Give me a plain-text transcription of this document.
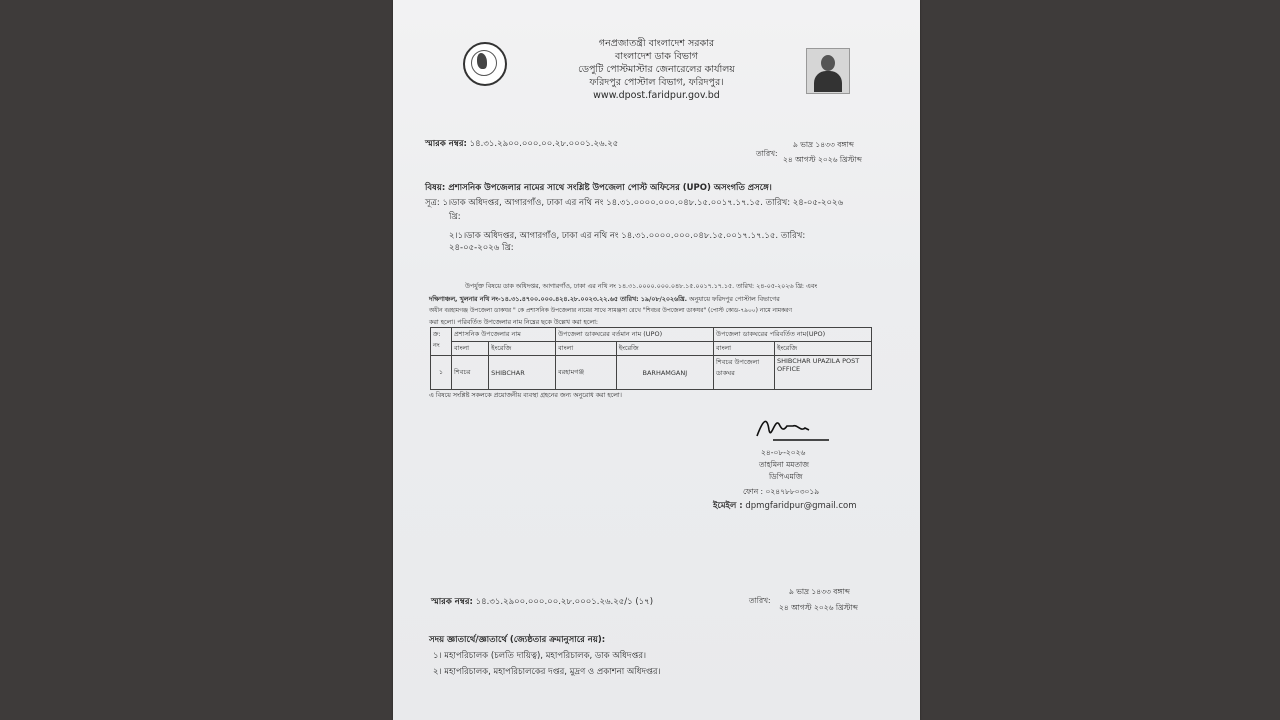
গনপ্রজাতন্ত্রী বাংলাদেশ সরকার
বাংলাদেশ ডাক বিভাগ
ডেপুটি পোস্টমাস্টার জেনারেলের কার্যালয়
ফরিদপুর পোস্টাল বিভাগ, ফরিদপুর।
www.dpost.faridpur.gov.bd
স্মারক নম্বর: ১৪.৩১.২৯০০.০০০.০০.২৮.০০০১.২৬.২৫	৯ ভাদ্র ১৪৩৩ বঙ্গাব্দ
তারিখ:
২৪ আগস্ট ২০২৬ খ্রিস্টাব্দ
বিষয়: প্রশাসনিক উপজেলার নামের সাথে সংশ্লিষ্ট উপজেলা পোস্ট অফিসের (UPO) অসংগতি প্রসঙ্গে।
সূত্র: ১।ডাক অধিদপ্তর, আগারগাঁও, ঢাকা এর নথি নং ১৪.৩১.০০০০.০০০.০৪৮.১৫.০০১৭.১৭.১৫. তারিখ: ২৪-০৫-২০২৬
খ্রি:
২।১।ডাক অধিদপ্তর, আগারগাঁও, ঢাকা এর নথি নং ১৪.৩১.০০০০.০০০.০৪৮.১৫.০০১৭.১৭.১৫. তারিখ:
২৪-০৫-২০২৬ খ্রি:
উপর্যুক্ত বিষয়ে ডাক অধিদপ্তর, আগারগাঁও, ঢাকা এর নথি নং ১৪.৩১.০০০০.০০০.০৪৮.১৫.০০১৭.১৭.১৫. তারিখ: ২৪-০৫-২০২৬ খ্রি: এবং
দক্ষিণাঞ্চল, খুলনার নথি নং-১৪.৩১.৪৭০০.০০০.৪২৪.২৮.০০২৩.২২.৬৫ তারিখ: ১৯/০৮/২০২৬খ্রি. অনুযায়ে ফরিদপুর পোস্টাল বিভাগের
অধীন বরহামগঞ্জ উপজেলা ডাকঘর " কে প্রশাসনিক উপজেলার নামের সাথে সামঞ্জস্য রেখে "শিবচর উপজেলা ডাকঘর" (পোস্ট কোড-৭৯০০) নামে নামকরণ
করা হলো। পরিবর্তিত উপজেলার নাম নিম্নের ছকে উল্লেখ করা হলো:
ক্র: নং	প্রশাসনিক উপজেলার নাম		উপজেলা ডাকঘরের বর্তমান নাম (UPO)		উপজেলা ডাকঘরের পরিবর্তিত নাম(UPO)	
	বাংলা	ইংরেজি	বাংলা	ইংরেজি	বাংলা	ইংরেজি
১	শিবচর	SHIBCHAR	বরহামগঞ্জ	BARHAMGANJ	শিবচর উপজেলা ডাকঘর	SHIBCHAR UPAZILA POST OFFICE
এ বিষয়ে সংশ্লিষ্ট সকলকে প্রয়োজনীয় ব্যবস্থা গ্রহনের জন্য অনুরোধ করা হলো।
২৪-০৮-২০২৬
তাহমিনা মমতাজ
ডিপিএমজি
ফোন : ০২৪৭৮৮০৩০১৯
ইমেইল : dpmgfaridpur@gmail.com
স্মারক নম্বর: ১৪.৩১.২৯০০.০০০.০০.২৮.০০০১.২৬.২৫/১ (১৭)
৯ ভাদ্র ১৪৩৩ বঙ্গাব্দ
তারিখ:
২৪ আগস্ট ২০২৬ খ্রিস্টাব্দ
সদয় জ্ঞাতার্থে/জ্ঞাতার্থে (জ্যেষ্ঠতার ক্রমানুসারে নয়):
১। মহাপরিচালক (চলতি দায়িত্ব), মহাপরিচালক, ডাক অধিদপ্তর।
২। মহাপরিচালক, মহাপরিচালকের দপ্তর, মুদ্রণ ও প্রকাশনা অধিদপ্তর।
